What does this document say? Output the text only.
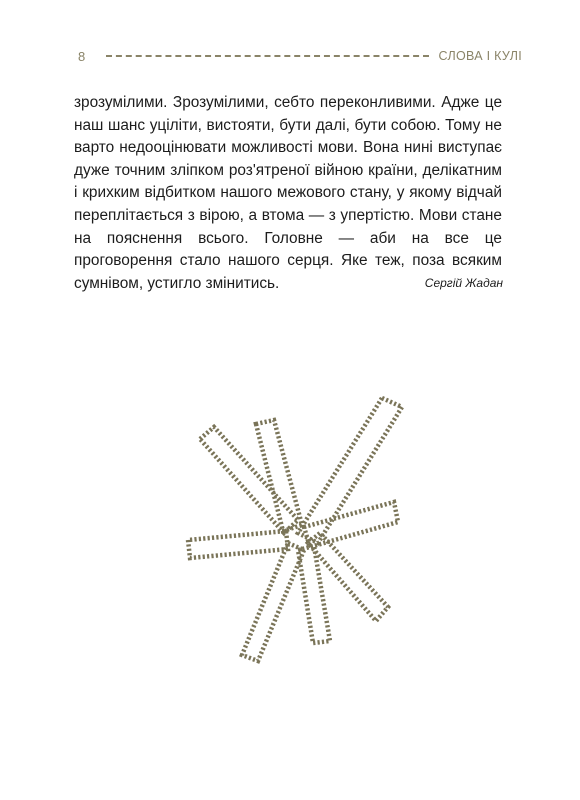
8	СЛОВА І КУЛІ

зрозумілими. Зрозумілими, себто переконливими. Адже це наш шанс уціліти, вистояти, бути далі, бути собою. Тому не варто недооцінювати можливості мови. Вона нині виступає дуже точним зліпком роз'ятреної війною країни, делікатним і крихким відбитком нашого межового стану, у якому відчай переплітається з вірою, а втома — з упертістю. Мови стане на пояснення всього. Головне — аби на все це проговорення стало нашого серця. Яке теж, поза всяким сумнівом, устигло змінитись.	Сергій Жадан
